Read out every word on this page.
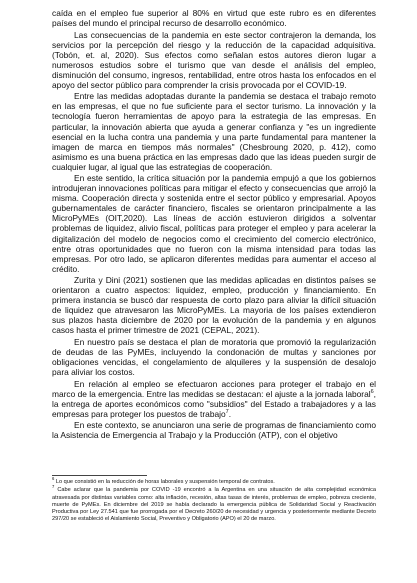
caída en el empleo fue superior al 80% en virtud que este rubro es en diferentes países del mundo el principal recurso de desarrollo económico.

Las consecuencias de la pandemia en este sector contrajeron la demanda, los servicios por la percepción del riesgo y la reducción de la capacidad adquisitiva. (Tobón, et. al, 2020). Sus efectos como señalan estos autores dieron lugar a numerosos estudios sobre el turismo que van desde el análisis del empleo, disminución del consumo, ingresos, rentabilidad, entre otros hasta los enfocados en el apoyo del sector público para comprender la crisis provocada por el COVID-19.

Entre las medidas adoptadas durante la pandemia se destaca el trabajo remoto en las empresas, el que no fue suficiente para el sector turismo. La innovación y la tecnología fueron herramientas de apoyo para la estrategia de las empresas. En particular, la innovación abierta que ayuda a generar confianza y "es un ingrediente esencial en la lucha contra una pandemia y una parte fundamental para mantener la imagen de marca en tiempos más normales" (Chesbroung 2020, p. 412), como asimismo es una buena práctica en las empresas dado que las ideas pueden surgir de cualquier lugar, al igual que las estrategias de cooperación.

En este sentido, la crítica situación por la pandemia empujó a que los gobiernos introdujeran innovaciones políticas para mitigar el efecto y consecuencias que arrojó la misma. Cooperación directa y sostenida entre el sector público y empresarial. Apoyos gubernamentales de carácter financiero, fiscales se orientaron principalmente a las MicroPyMEs (OIT,2020). Las líneas de acción estuvieron dirigidos a solventar problemas de liquidez, alivio fiscal, políticas para proteger el empleo y para acelerar la digitalización del modelo de negocios como el crecimiento del comercio electrónico, entre otras oportunidades que no fueron con la misma intensidad para todas las empresas. Por otro lado, se aplicaron diferentes medidas para aumentar el acceso al crédito.

Zurita y Dini (2021) sostienen que las medidas aplicadas en distintos países se orientaron a cuatro aspectos: liquidez, empleo, producción y financiamiento. En primera instancia se buscó dar respuesta de corto plazo para aliviar la difícil situación de liquidez que atravesaron las MicroPyMEs. La mayoria de los países extendieron sus plazos hasta diciembre de 2020 por la evolución de la pandemia y en algunos casos hasta el primer trimestre de 2021 (CEPAL, 2021).

En nuestro país se destaca el plan de moratoria que promovió la regularización de deudas de las PyMEs, incluyendo la condonación de multas y sanciones por obligaciones vencidas, el congelamiento de alquileres y la suspensión de desalojo para aliviar los costos.

En relación al empleo se efectuaron acciones para proteger el trabajo en el marco de la emergencia. Entre las medidas se destacan: el ajuste a la jornada laboral$^6$, la entrega de aportes económicos como "subsidios" del Estado a trabajadores y a las empresas para proteger los puestos de trabajo$^7$.

En este contexto, se anunciaron una serie de programas de financiamiento como la Asistencia de Emergencia al Trabajo y la Producción (ATP), con el objetivo

$^6$ Lo que consistió en la reducción de horas laborales y suspensión temporal de contratos.

$^7$ Cabe aclarar que la pandemia por COVID -19 encontró a la Argentina en una situación de alta complejidad económica atravesada por distintas variables como: alta inflación, recesión, altas tasas de interés, problemas de empleo, pobreza creciente, muerte de PyMEs. En diciembre del 2019 se había declarado la emergencia pública de Solidaridad Social y Reactivación Productiva por Ley 27.541 que fue prorrogada por el Decreto 260/20 de necesidad y urgencia y posteriormente mediante Decreto 297/20 se estableció el Aislamiento Social, Preventivo y Obligatorio (APO) el 20 de marzo.
